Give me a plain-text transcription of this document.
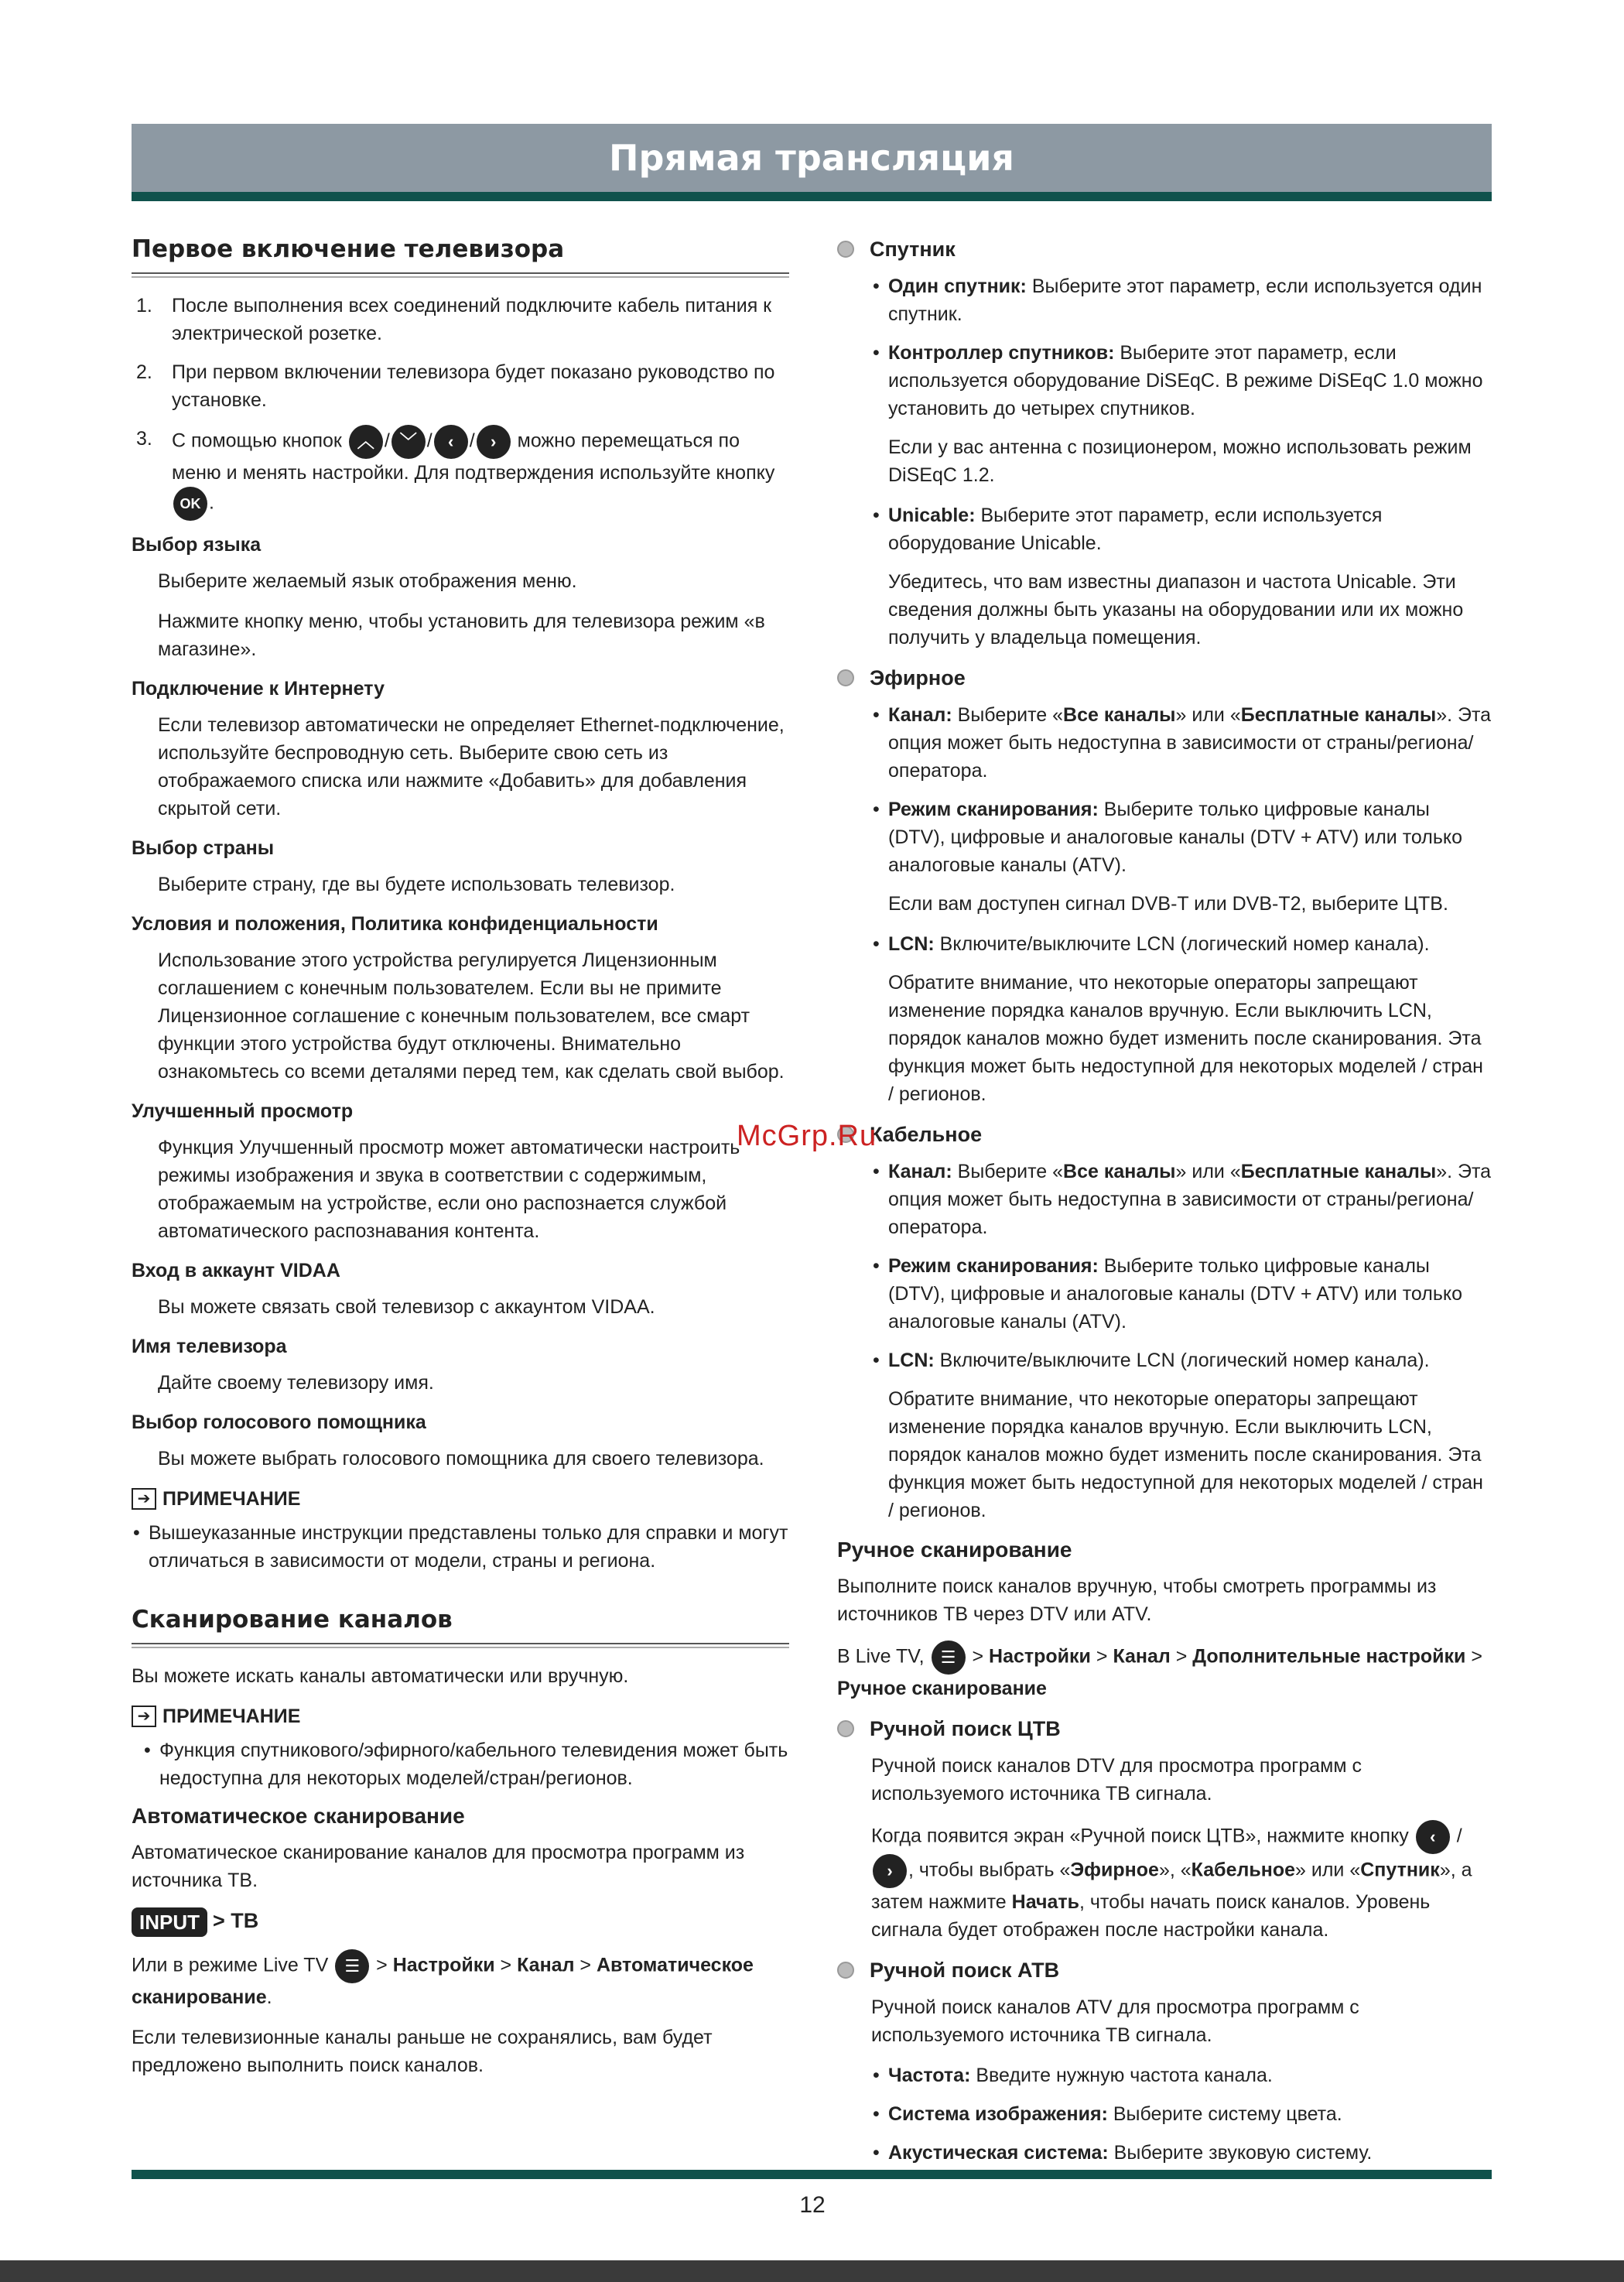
Прямая трансляция
Первое включение телевизора
1. После выполнения всех соединений подключите кабель питания к электрической розетке.
2. При первом включении телевизора будет показано руководство по установке.
3. С помощью кнопок ︿ / ﹀ / ‹ / › можно перемещаться по меню и менять настройки. Для подтверждения используйте кнопку OK .
Выбор языка

Выберите желаемый язык отображения меню.

Нажмите кнопку меню, чтобы установить для телевизора режим «в магазине».

Подключение к Интернету

Если телевизор автоматически не определяет Ethernet-подключение, используйте беспроводную сеть. Выберите свою сеть из отображаемого списка или нажмите «Добавить» для добавления скрытой сети.

Выбор страны

Выберите страну, где вы будете использовать телевизор.

Условия и положения, Политика конфиденциальности

Использование этого устройства регулируется Лицензионным соглашением с конечным пользователем. Если вы не примите Лицензионное соглашение с конечным пользователем, все смарт функции этого устройства будут отключены. Внимательно ознакомьтесь со всеми деталями перед тем, как сделать свой выбор.

Улучшенный просмотр

Функция Улучшенный просмотр может автоматически настроить режимы изображения и звука в соответствии с содержимым, отображаемым на устройстве, если оно распознается службой автоматического распознавания контента.

Вход в аккаунт VIDAA

Вы можете связать свой телевизор с аккаунтом VIDAA.

Имя телевизора

Дайте своему телевизору имя.

Выбор голосового помощника

Вы можете выбрать голосового помощника для своего телевизора.

➔ ПРИМЕЧАНИЕ
• Вышеуказанные инструкции представлены только для справки и могут отличаться в зависимости от модели, страны и региона.
Сканирование каналов

Вы можете искать каналы автоматически или вручную.

➔ ПРИМЕЧАНИЕ
• Функция спутникового/эфирного/кабельного телевидения может быть недоступна для некоторых моделей/стран/регионов.
Автоматическое сканирование

Автоматическое сканирование каналов для просмотра программ из источника ТВ.

INPUT > ТВ

Или в режиме Live TV ☰ > Настройки > Канал > Автоматическое сканирование.

Если телевизионные каналы раньше не сохранялись, вам будет предложено выполнить поиск каналов.

Спутник
• Один спутник: Выберите этот параметр, если используется один спутник.
• Контроллер спутников: Выберите этот параметр, если используется оборудование DiSEqC. В режиме DiSEqC 1.0 можно установить до четырех спутников.

Если у вас антенна с позиционером, можно использовать режим DiSEqC 1.2.

• Unicable: Выберите этот параметр, если используется оборудование Unicable.

Убедитесь, что вам известны диапазон и частота Unicable. Эти сведения должны быть указаны на оборудовании или их можно получить у владельца помещения.

Эфирное
• Канал: Выберите «Все каналы» или «Бесплатные каналы». Эта опция может быть недоступна в зависимости от страны/региона/оператора.
• Режим сканирования: Выберите только цифровые каналы (DTV), цифровые и аналоговые каналы (DTV + ATV) или только аналоговые каналы (ATV).

Если вам доступен сигнал DVB-T или DVB-T2, выберите ЦТВ.

• LCN: Включите/выключите LCN (логический номер канала).

Обратите внимание, что некоторые операторы запрещают изменение порядка каналов вручную. Если выключить LCN, порядок каналов можно будет изменить после сканирования. Эта функция может быть недоступной для некоторых моделей / стран / регионов.

Кабельное
• Канал: Выберите «Все каналы» или «Бесплатные каналы». Эта опция может быть недоступна в зависимости от страны/региона/оператора.
• Режим сканирования: Выберите только цифровые каналы (DTV), цифровые и аналоговые каналы (DTV + ATV) или только аналоговые каналы (ATV).
• LCN: Включите/выключите LCN (логический номер канала).

Обратите внимание, что некоторые операторы запрещают изменение порядка каналов вручную. Если выключить LCN, порядок каналов можно будет изменить после сканирования. Эта функция может быть недоступной для некоторых моделей / стран / регионов.

Ручное сканирование

Выполните поиск каналов вручную, чтобы смотреть программы из источников ТВ через DTV или ATV.

В Live TV, ☰ > Настройки > Канал > Дополнительные настройки > Ручное сканирование

Ручной поиск ЦТВ

Ручной поиск каналов DTV для просмотра программ с используемого источника ТВ сигнала.

Когда появится экран «Ручной поиск ЦТВ», нажмите кнопку ‹ / › , чтобы выбрать «Эфирное», «Кабельное» или «Спутник», а затем нажмите Начать, чтобы начать поиск каналов. Уровень сигнала будет отображен после настройки канала.

Ручной поиск АТВ

Ручной поиск каналов ATV для просмотра программ с используемого источника ТВ сигнала.

• Частота: Введите нужную частота канала.
• Система изображения: Выберите систему цвета.
• Акустическая система: Выберите звуковую систему.
McGrp.Ru
12
